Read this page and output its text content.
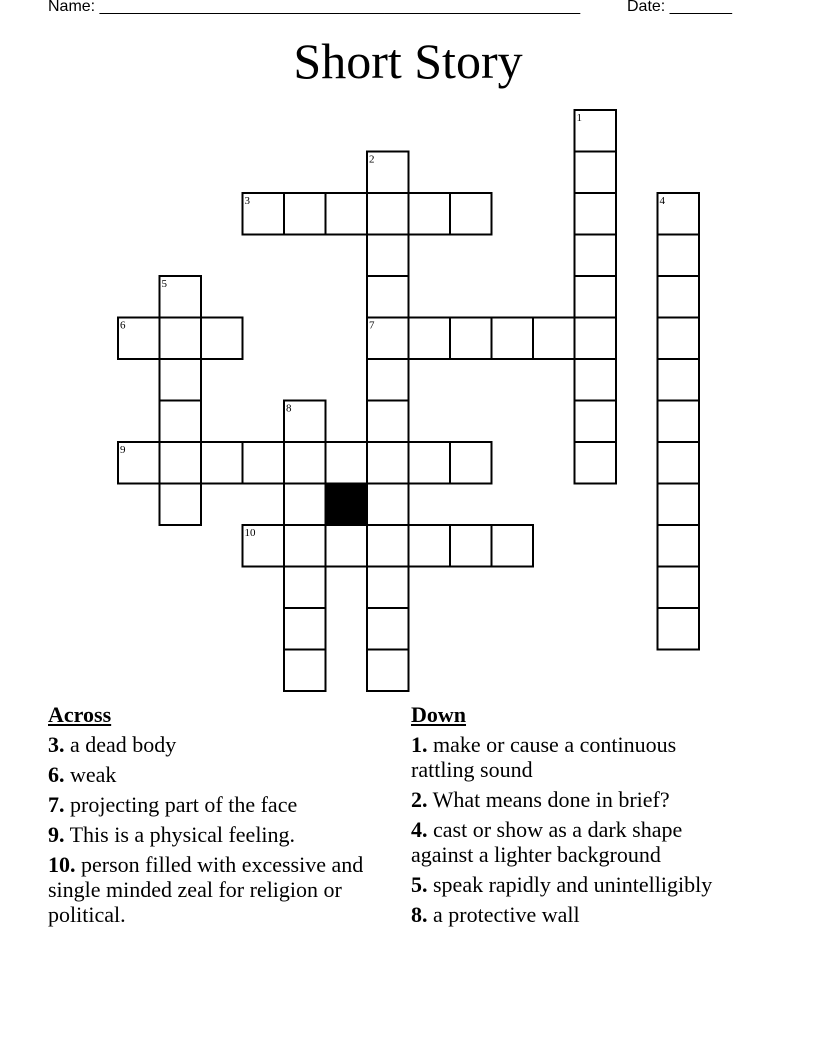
Name: ______________________________________________________	Date: _______
Short Story
1
2
3	4
5
6	7
8
9
10
Across
3. a dead body
6. weak
7. projecting part of the face
9. This is a physical feeling.
10. person filled with excessive and single minded zeal for religion or political.
Down
1. make or cause a continuous rattling sound
2. What means done in brief?
4. cast or show as a dark shape against a lighter background
5. speak rapidly and unintelligibly
8. a protective wall
